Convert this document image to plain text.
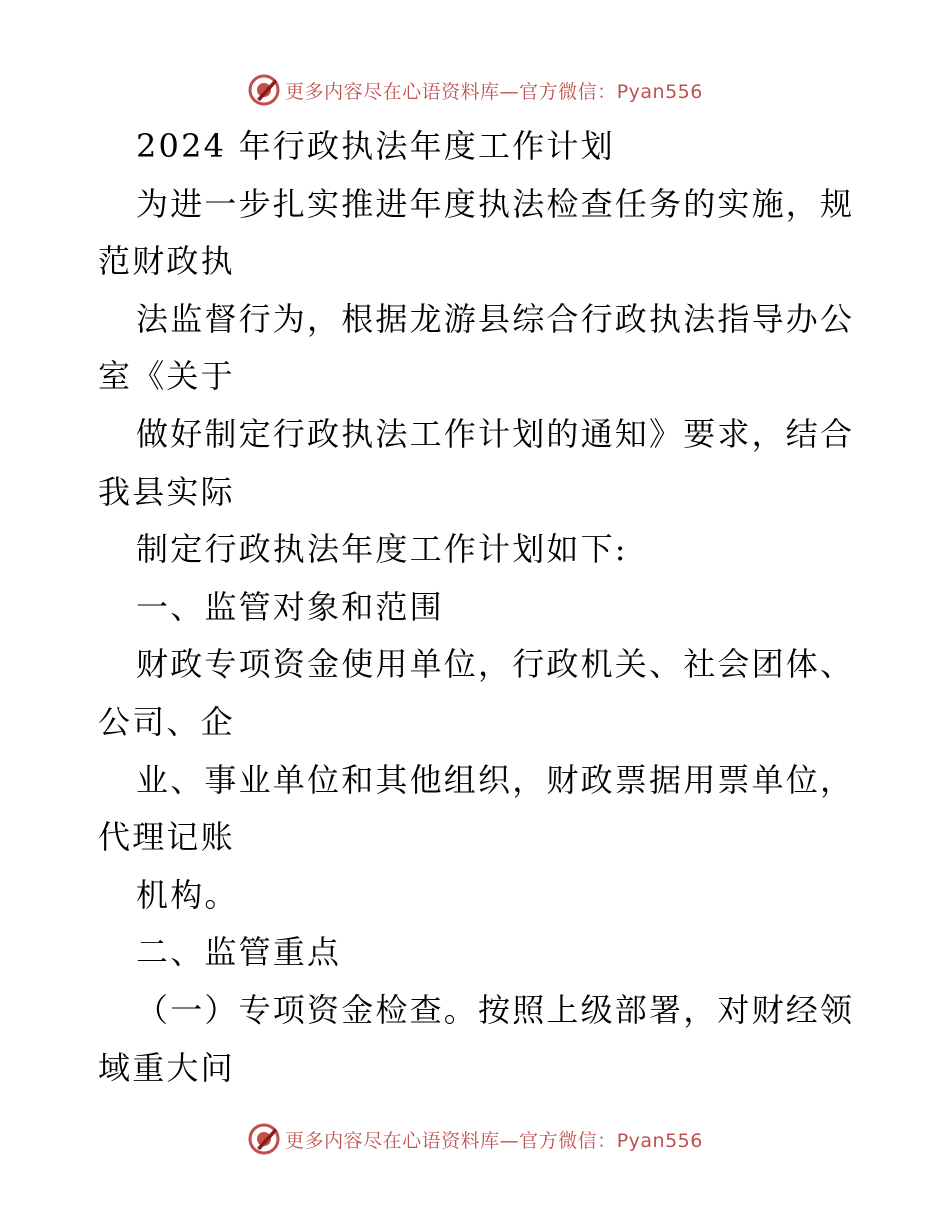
更多内容尽在心语资料库—官方微信：Pyan556
2024 年行政执法年度工作计划
为进一步扎实推进年度执法检查任务的实施，规
范财政执
法监督行为，根据龙游县综合行政执法指导办公
室《关于
做好制定行政执法工作计划的通知》要求，结合
我县实际
制定行政执法年度工作计划如下:
一、监管对象和范围
财政专项资金使用单位，行政机关、社会团体、
公司、企
业、事业单位和其他组织，财政票据用票单位，
代理记账
机构。
二、监管重点
（一）专项资金检查。按照上级部署，对财经领
域重大问
更多内容尽在心语资料库—官方微信：Pyan556
